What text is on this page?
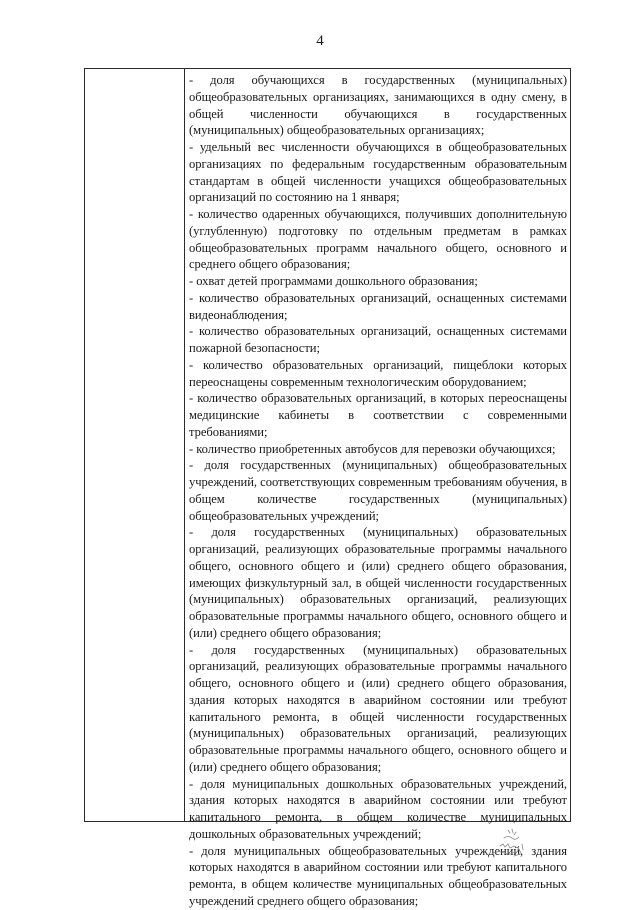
4

- доля обучающихся в государственных (муниципальных) общеобразовательных организациях, занимающихся в одну смену, в общей численности обучающихся в государственных (муниципальных) общеобразовательных организациях;

- удельный вес численности обучающихся в общеобразовательных организациях по федеральным государственным образовательным стандартам в общей численности учащихся общеобразовательных организаций по состоянию на 1 января;

- количество одаренных обучающихся, получивших дополнительную (углубленную) подготовку по отдельным предметам в рамках общеобразовательных программ начального общего, основного и среднего общего образования;

- охват детей программами дошкольного образования;

- количество образовательных организаций, оснащенных системами видеонаблюдения;

- количество образовательных организаций, оснащенных системами пожарной безопасности;

- количество образовательных организаций, пищеблоки которых переоснащены современным технологическим оборудованием;

- количество образовательных организаций, в которых переоснащены медицинские кабинеты в соответствии с современными требованиями;

- количество приобретенных автобусов для перевозки обучающихся;

- доля государственных (муниципальных) общеобразовательных учреждений, соответствующих современным требованиям обучения, в общем количестве государственных (муниципальных) общеобразовательных учреждений;

- доля государственных (муниципальных) образовательных организаций, реализующих образовательные программы начального общего, основного общего и (или) среднего общего образования, имеющих физкультурный зал, в общей численности государственных (муниципальных) образовательных организаций, реализующих образовательные программы начального общего, основного общего и (или) среднего общего образования;

- доля государственных (муниципальных) образовательных организаций, реализующих образовательные программы начального общего, основного общего и (или) среднего общего образования, здания которых находятся в аварийном состоянии или требуют капитального ремонта, в общей численности государственных (муниципальных) образовательных организаций, реализующих образовательные программы начального общего, основного общего и (или) среднего общего образования;

- доля муниципальных дошкольных образовательных учреждений, здания которых находятся в аварийном состоянии или требуют капитального ремонта, в общем количестве муниципальных дошкольных образовательных учреждений;

- доля муниципальных общеобразовательных учреждений, здания которых находятся в аварийном состоянии или требуют капитального ремонта, в общем количестве муниципальных общеобразовательных учреждений среднего общего образования;
